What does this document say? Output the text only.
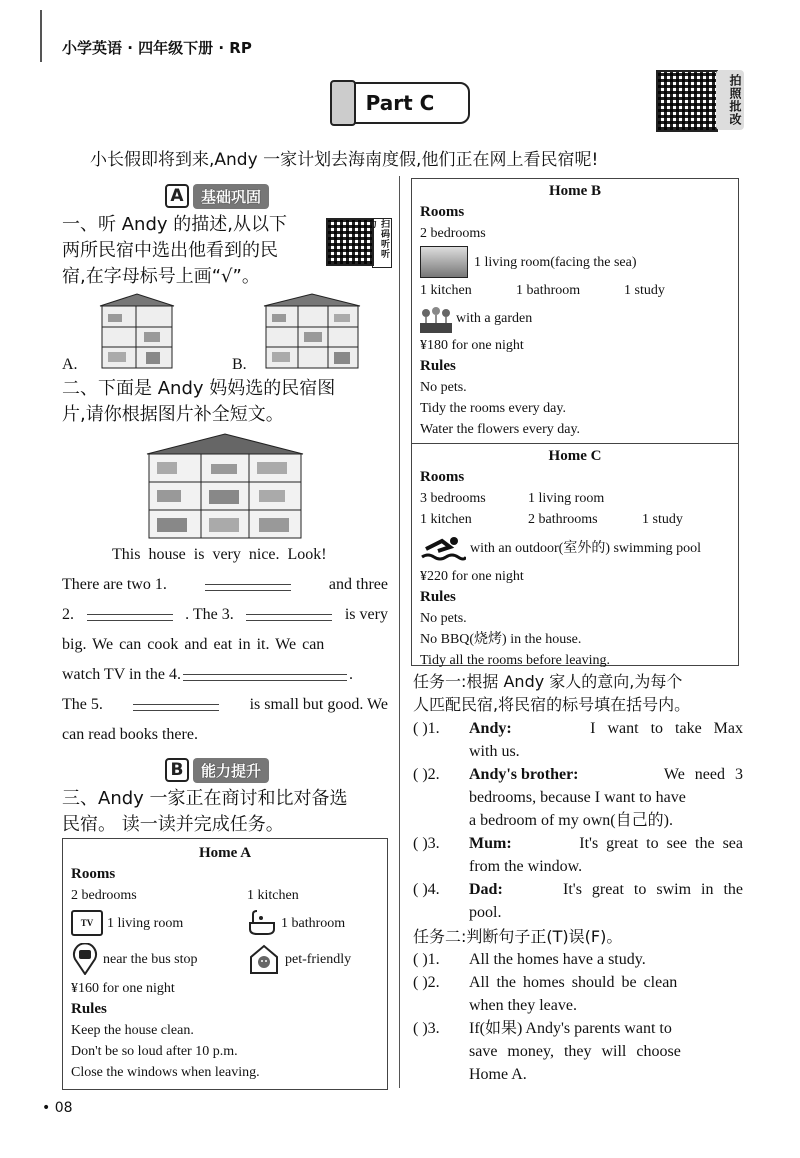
小学英语 · 四年级下册 · RP
Part C	拍照批改
小长假即将到来,Andy 一家计划去海南度假,他们正在网上看民宿呢!
A	基础巩固
一、听 Andy 的描述,从以下
两所民宿中选出他看到的民
宿,在字母标号上画“√”。
扫码听听力
A.	B.
二、下面是 Andy 妈妈选的民宿图
片,请你根据图片补全短文。
This house is very nice. Look!
There are two 1.	and three
2.	. The 3.	is very
big. We can cook and eat in it. We can
watch TV in the 4.	.
The 5.	is small but good. We
can read books there.
B	能力提升
三、Andy 一家正在商讨和比对备选
民宿。 读一读并完成任务。
Home A
Rooms
2 bedrooms	1 kitchen
TV 1 living room	1 bathroom
near the bus stop	pet-friendly
¥160 for one night
Rules
Keep the house clean.
Don't be so loud after 10 p.m.
Close the windows when leaving.
Home B
Rooms
2 bedrooms
1 living room(facing the sea)
1 kitchen	1 bathroom	1 study
with a garden
¥180 for one night
Rules
No pets.
Tidy the rooms every day.
Water the flowers every day.
Home C
Rooms
3 bedrooms	1 living room
1 kitchen	2 bathrooms	1 study
with an outdoor(室外的) swimming pool
¥220 for one night
Rules
No pets.
No BBQ(烧烤) in the house.
Tidy all the rooms before leaving.
任务一:根据 Andy 家人的意向,为每个
人匹配民宿,将民宿的标号填在括号内。
( )1.	Andy:	I want to take Max
with us.
( )2.	Andy's brother:	We need 3
bedrooms, because I want to have
a bedroom of my own(自己的).
( )3.	Mum:	It's great to see the sea
from the window.
( )4.	Dad:	It's great to swim in the
pool.
任务二:判断句子正(T)误(F)。
( )1.	All the homes have a study.
( )2.	All the homes should be clean
when they leave.
( )3.	If(如果) Andy's parents want to
save money, they will choose
Home A.
• 08
